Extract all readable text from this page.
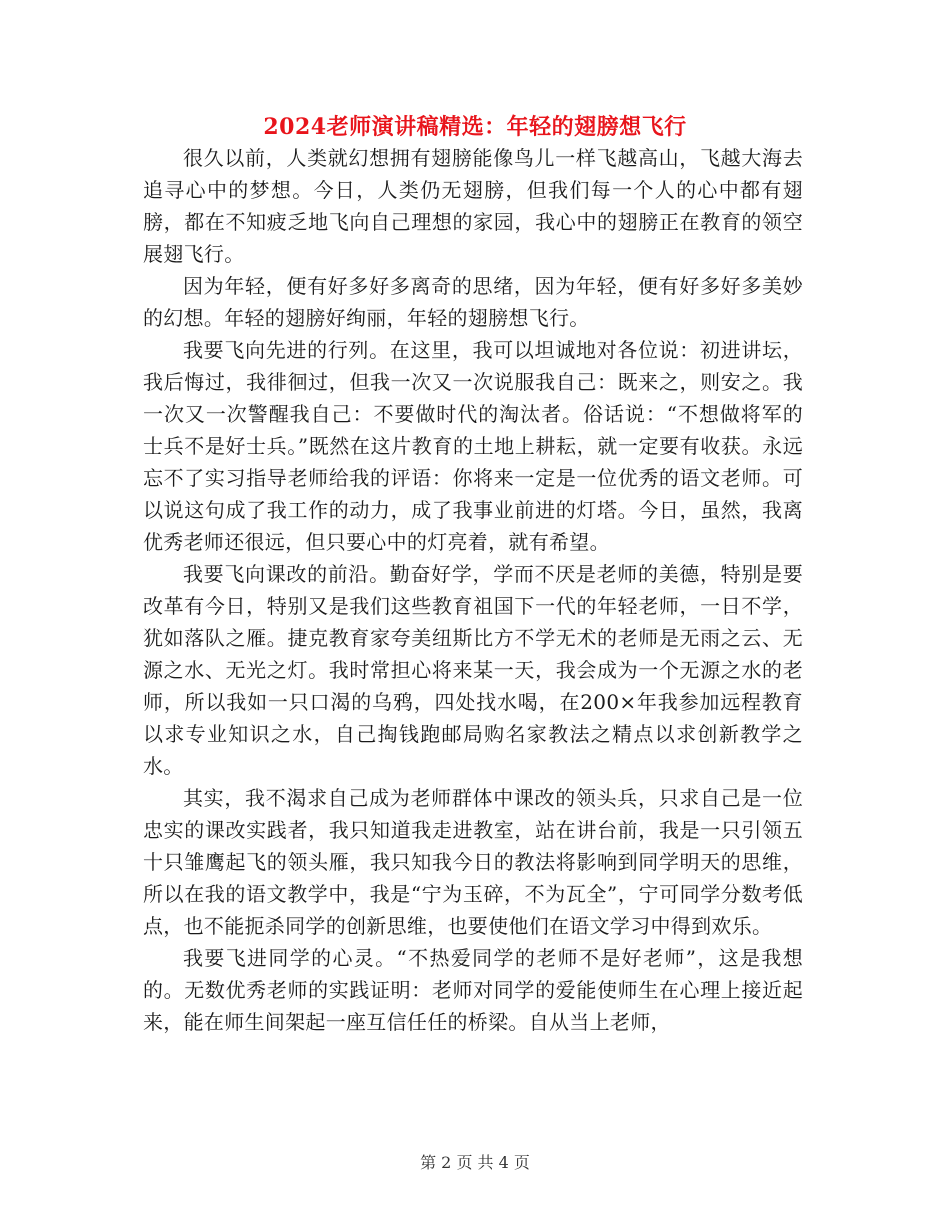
2024老师演讲稿精选：年轻的翅膀想飞行

很久以前，人类就幻想拥有翅膀能像鸟儿一样飞越高山，飞越大海去追寻心中的梦想。今日，人类仍无翅膀，但我们每一个人的心中都有翅膀，都在不知疲乏地飞向自己理想的家园，我心中的翅膀正在教育的领空展翅飞行。

因为年轻，便有好多好多离奇的思绪，因为年轻，便有好多好多美妙的幻想。年轻的翅膀好绚丽，年轻的翅膀想飞行。

我要飞向先进的行列。在这里，我可以坦诚地对各位说：初进讲坛，我后悔过，我徘徊过，但我一次又一次说服我自己：既来之，则安之。我一次又一次警醒我自己：不要做时代的淘汰者。俗话说：“不想做将军的士兵不是好士兵。”既然在这片教育的土地上耕耘，就一定要有收获。永远忘不了实习指导老师给我的评语：你将来一定是一位优秀的语文老师。可以说这句成了我工作的动力，成了我事业前进的灯塔。今日，虽然，我离优秀老师还很远，但只要心中的灯亮着，就有希望。

我要飞向课改的前沿。勤奋好学，学而不厌是老师的美德，特别是要改革有今日，特别又是我们这些教育祖国下一代的年轻老师，一日不学，犹如落队之雁。捷克教育家夸美纽斯比方不学无术的老师是无雨之云、无源之水、无光之灯。我时常担心将来某一天，我会成为一个无源之水的老师，所以我如一只口渴的乌鸦，四处找水喝，在200×年我参加远程教育以求专业知识之水，自己掏钱跑邮局购名家教法之精点以求创新教学之水。

其实，我不渴求自己成为老师群体中课改的领头兵，只求自己是一位忠实的课改实践者，我只知道我走进教室，站在讲台前，我是一只引领五十只雏鹰起飞的领头雁，我只知我今日的教法将影响到同学明天的思维，所以在我的语文教学中，我是“宁为玉碎，不为瓦全”，宁可同学分数考低点，也不能扼杀同学的创新思维，也要使他们在语文学习中得到欢乐。

我要飞进同学的心灵。“不热爱同学的老师不是好老师”，这是我想的。无数优秀老师的实践证明：老师对同学的爱能使师生在心理上接近起来，能在师生间架起一座互信任任的桥梁。自从当上老师，

第 2 页 共 4 页
